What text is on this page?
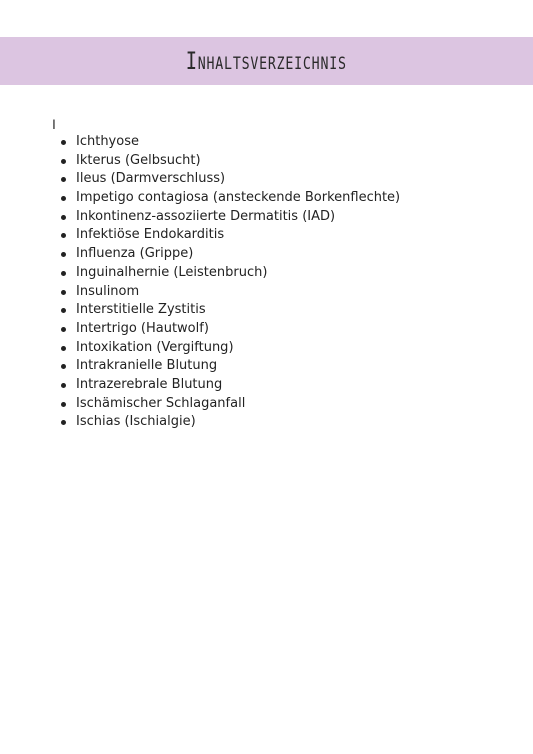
Inhaltsverzeichnis
I
Ichthyose
Ikterus (Gelbsucht)
Ileus (Darmverschluss)
Impetigo contagiosa (ansteckende Borkenflechte)
Inkontinenz-assoziierte Dermatitis (IAD)
Infektiöse Endokarditis
Influenza (Grippe)
Inguinalhernie (Leistenbruch)
Insulinom
Interstitielle Zystitis
Intertrigo (Hautwolf)
Intoxikation (Vergiftung)
Intrakranielle Blutung
Intrazerebrale Blutung
Ischämischer Schlaganfall
Ischias (Ischialgie)
